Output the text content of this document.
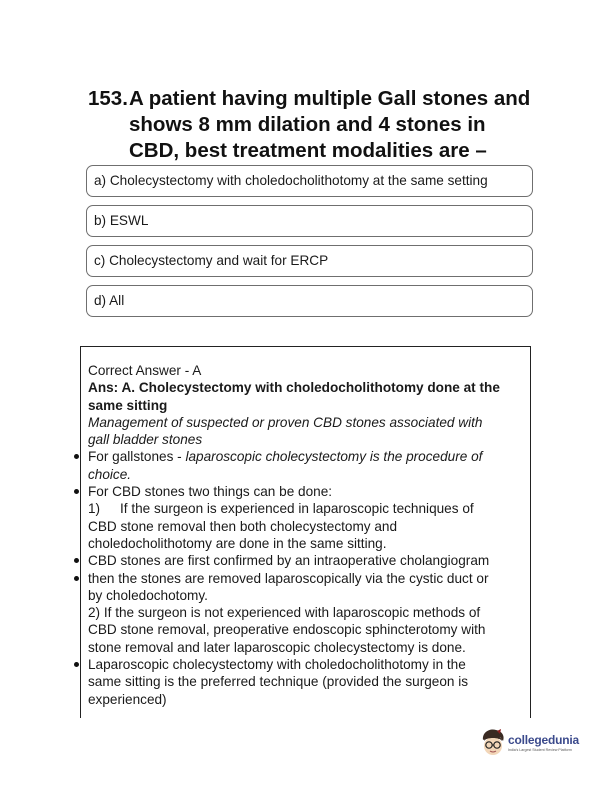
153.A patient having multiple Gall stones and
shows 8 mm dilation and 4 stones in
CBD, best treatment modalities are –
a) Cholecystectomy with choledocholithotomy at the same setting
b) ESWL
c) Cholecystectomy and wait for ERCP
d) All
Correct Answer - A
Ans: A. Cholecystectomy with choledocholithotomy done at the
same sitting
Management of suspected or proven CBD stones associated with
gall bladder stones
For gallstones - laparoscopic cholecystectomy is the procedure of
choice.
For CBD stones two things can be done:
1) If the surgeon is experienced in laparoscopic techniques of
CBD stone removal then both cholecystectomy and
choledocholithotomy are done in the same sitting.
CBD stones are first confirmed by an intraoperative cholangiogram
then the stones are removed laparoscopically via the cystic duct or
by choledochotomy.
2) If the surgeon is not experienced with laparoscopic methods of
CBD stone removal, preoperative endoscopic sphincterotomy with
stone removal and later laparoscopic cholecystectomy is done.
Laparoscopic cholecystectomy with choledocholithotomy in the
same sitting is the preferred technique (provided the surgeon is
experienced)
collegedunia
India's Largest Student Review Platform
